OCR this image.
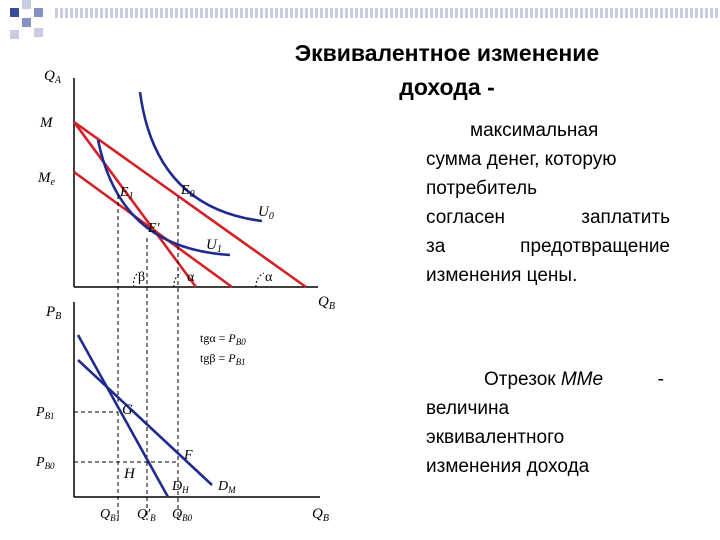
Эквивалентное изменение
дохода -
максимальная
сумма денег, которую
потребитель
согласен заплатить
за предотвращение
изменения цены.
Отрезок ММе	-
величина
эквивалентного
изменения дохода
$Q_A$
$Q_B$
M
$M_e$
$E_0$
$E_1$
E'
$U_0$
$U_1$
β	α	α
$P_B$
$Q_B$
$tg\alpha = P_{B0}$
$tg\beta = P_{B1}$
$P_{B1}$
$P_{B0}$
G
F
H
$D_H$ $D_M$
$Q_{B1}$ $Q'_B$ $Q_{B0}$
